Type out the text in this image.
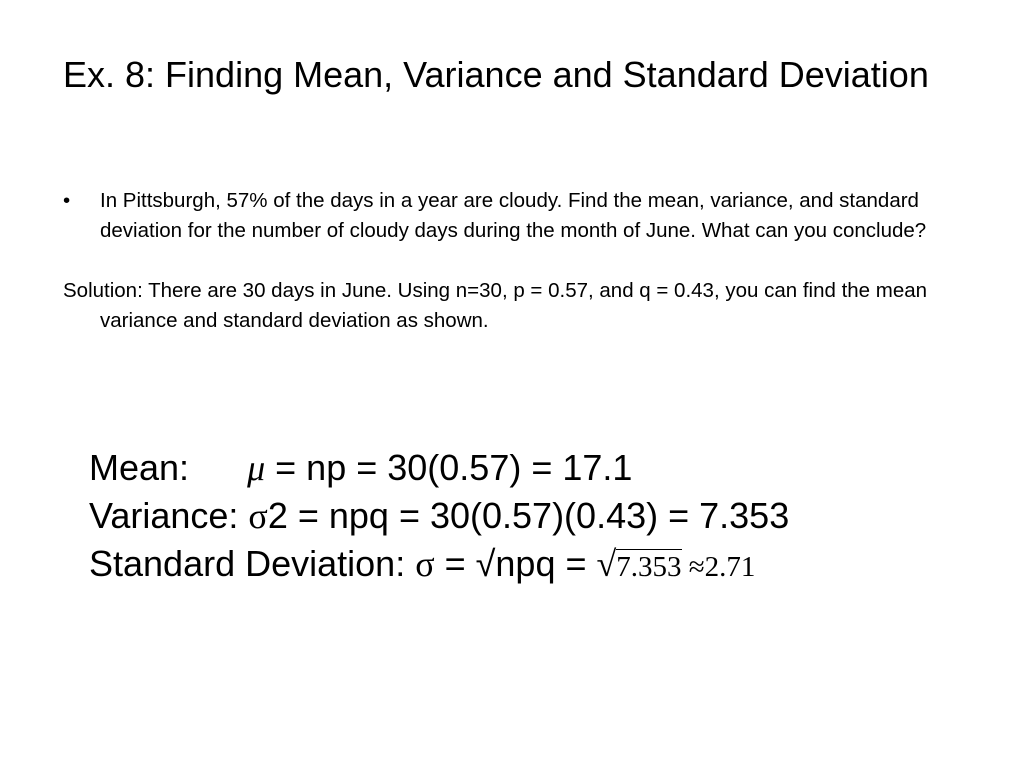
Ex. 8: Finding Mean, Variance and Standard Deviation

• In Pittsburgh, 57% of the days in a year are cloudy. Find the mean, variance, and standard deviation for the number of cloudy days during the month of June. What can you conclude?

Solution: There are 30 days in June. Using n=30, p = 0.57, and q = 0.43, you can find the mean variance and standard deviation as shown.

Mean: μ = np = 30(0.57) = 17.1

Variance: σ2 = npq = 30(0.57)(0.43) = 7.353

Standard Deviation: σ = √npq = √7.353 ≈2.71
